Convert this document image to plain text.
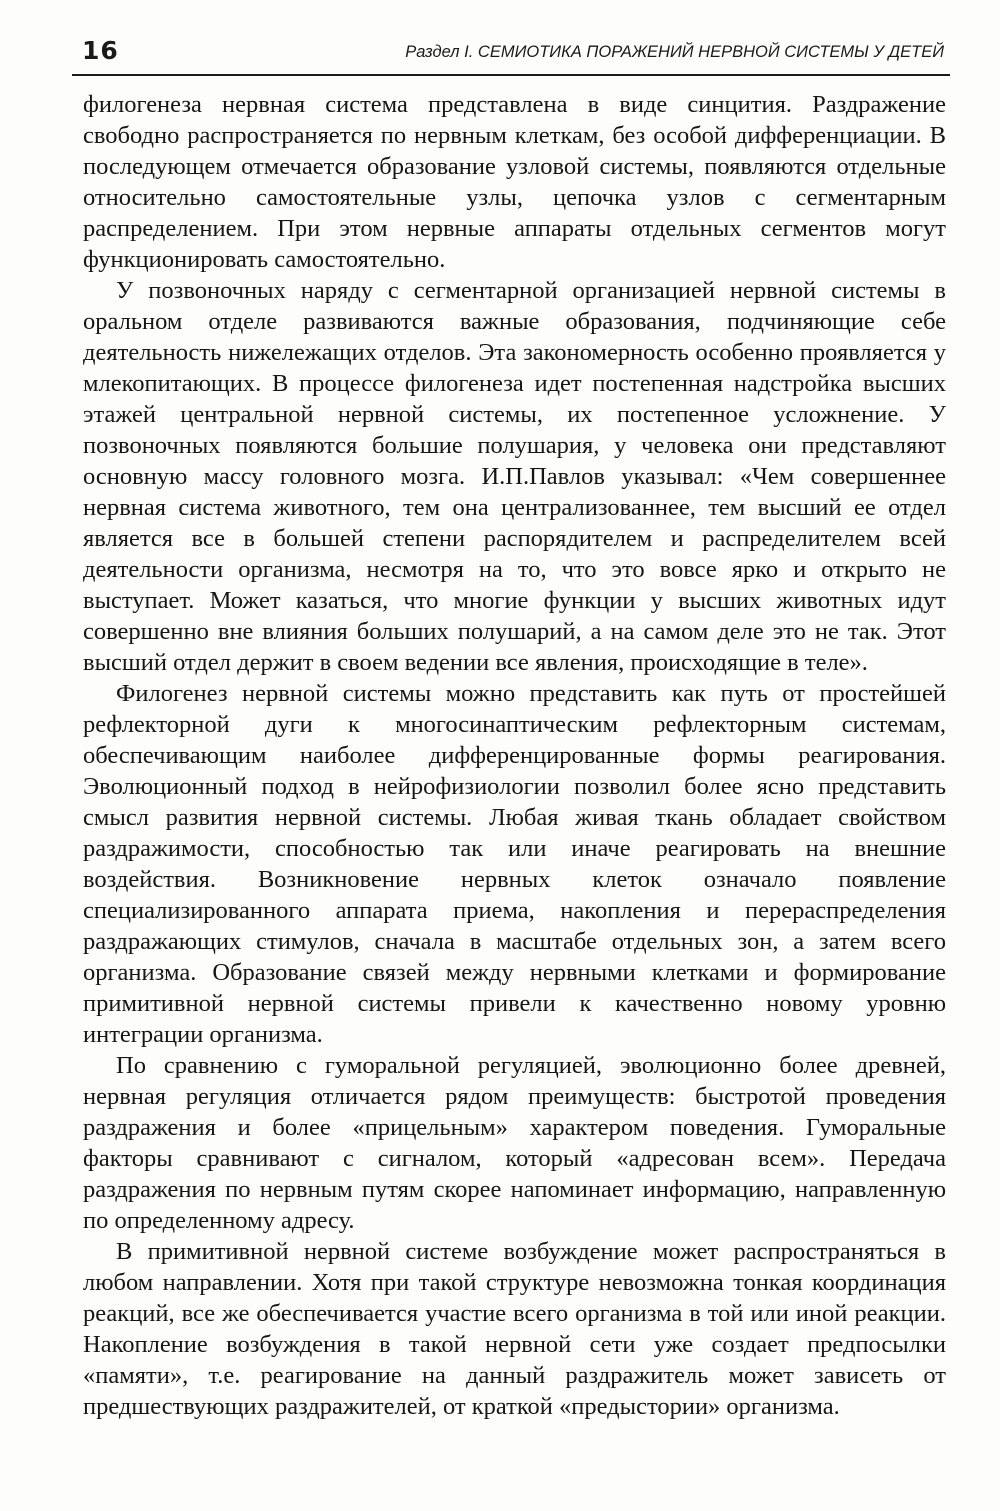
16	Раздел I. СЕМИОТИКА ПОРАЖЕНИЙ НЕРВНОЙ СИСТЕМЫ У ДЕТЕЙ

филогенеза нервная система представлена в виде синцития. Раздражение свободно распространяется по нервным клеткам, без особой дифференциации. В последующем отмечается образование узловой системы, появляются отдельные относительно самостоятельные узлы, цепочка узлов с сегментарным распределением. При этом нервные аппараты отдельных сегментов могут функционировать самостоятельно.

У позвоночных наряду с сегментарной организацией нервной системы в оральном отделе развиваются важные образования, подчиняющие себе деятельность нижележащих отделов. Эта закономерность особенно проявляется у млекопитающих. В процессе филогенеза идет постепенная надстройка высших этажей центральной нервной системы, их постепенное усложнение. У позвоночных появляются большие полушария, у человека они представляют основную массу головного мозга. И.П.Павлов указывал: «Чем совершеннее нервная система животного, тем она централизованнее, тем высший ее отдел является все в большей степени распорядителем и распределителем всей деятельности организма, несмотря на то, что это вовсе ярко и открыто не выступает. Может казаться, что многие функции у высших животных идут совершенно вне влияния больших полушарий, а на самом деле это не так. Этот высший отдел держит в своем ведении все явления, происходящие в теле».

Филогенез нервной системы можно представить как путь от простейшей рефлекторной дуги к многосинаптическим рефлекторным системам, обеспечивающим наиболее дифференцированные формы реагирования. Эволюционный подход в нейрофизиологии позволил более ясно представить смысл развития нервной системы. Любая живая ткань обладает свойством раздражимости, способностью так или иначе реагировать на внешние воздействия. Возникновение нервных клеток означало появление специализированного аппарата приема, накопления и перераспределения раздражающих стимулов, сначала в масштабе отдельных зон, а затем всего организма. Образование связей между нервными клетками и формирование примитивной нервной системы привели к качественно новому уровню интеграции организма.

По сравнению с гуморальной регуляцией, эволюционно более древней, нервная регуляция отличается рядом преимуществ: быстротой проведения раздражения и более «прицельным» характером поведения. Гуморальные факторы сравнивают с сигналом, который «адресован всем». Передача раздражения по нервным путям скорее напоминает информацию, направленную по определенному адресу.

В примитивной нервной системе возбуждение может распространяться в любом направлении. Хотя при такой структуре невозможна тонкая координация реакций, все же обеспечивается участие всего организма в той или иной реакции. Накопление возбуждения в такой нервной сети уже создает предпосылки «памяти», т.е. реагирование на данный раздражитель может зависеть от предшествующих раздражителей, от краткой «предыстории» организма.
